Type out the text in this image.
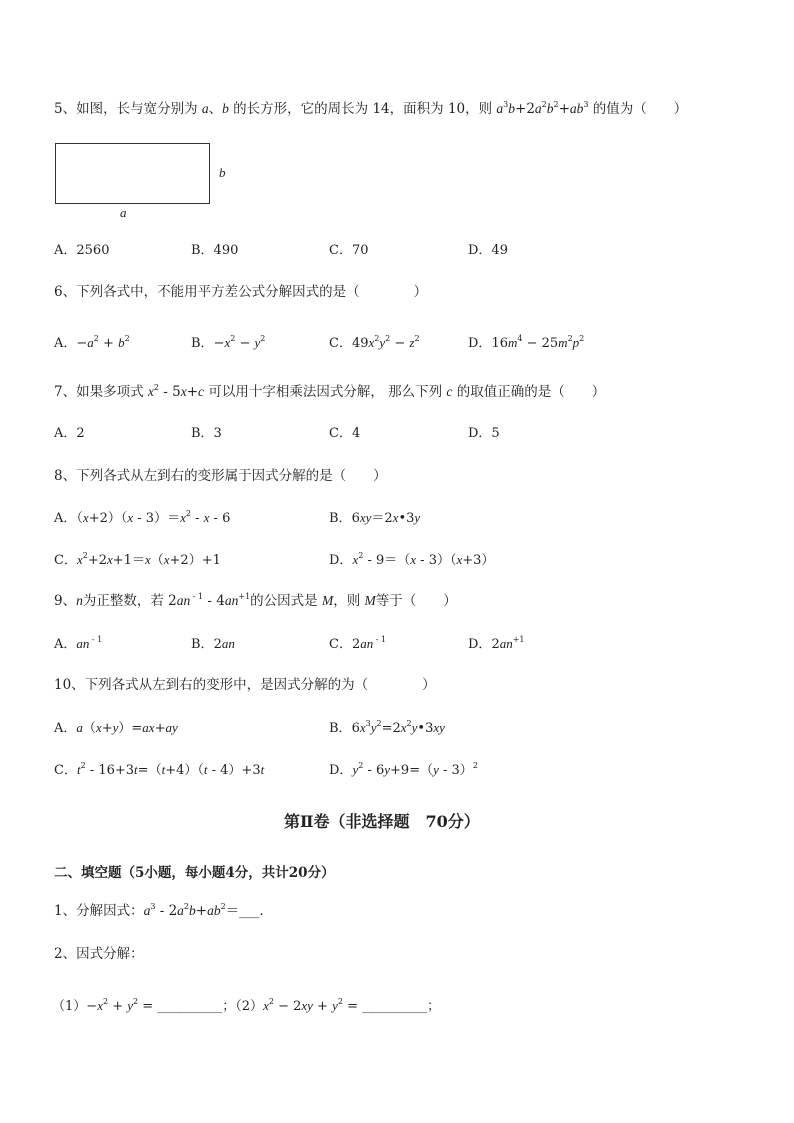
5、如图，长与宽分别为 a、b 的长方形，它的周长为 14，面积为 10，则 $a^3b+2a^2b^2+ab^3$ 的值为（　　）
b
a
A．2560	B．490	C．70	D．49
6、下列各式中，不能用平方差公式分解因式的是（　　　　）
A．$-a^2 + b^2$	B．$-x^2 - y^2$	C．$49x^2y^2 - z^2$	D．$16m^4 - 25m^2p^2$
7、如果多项式 $x^2 - 5x+c$ 可以用十字相乘法因式分解， 那么下列 c 的取值正确的是（　　）
A．2	B．3	C．4	D．5
8、下列各式从左到右的变形属于因式分解的是（　　）
A．$(x+2)(x - 3)=x^2 - x - 6$	B．6xy＝2x•3y
C．$x^2+2x+1=x(x+2)+1$	D．$x^2 - 9=(x - 3)(x+3)$
9、n为正整数，若 2an $^{- 1} - 4an^{+1}$的公因式是 M，则 M等于（　　）
A．an $^{- 1}$	B．2an	C．2an $^{- 1}$	D．$2an^{+1}$
10、下列各式从左到右的变形中，是因式分解的为（　　　　）
A．a（x+y）=ax+ay	B．$6x^3y^2=2x^2y•3xy$
C．$t^2 - 16+3t=(t+4)(t - 4)+3t$	D．$y^2 - 6y+9=(y - 3)^2$
第Ⅱ卷（非选择题　70分）
二、填空题（5小题，每小题4分，共计20分）
1、分解因式：$a^3$ - $2a^2b+ab^2=\_\_\_$．
2、因式分解：
$(1)-x^2 + y^2$ = __________；$(2)x^2 - 2xy + y^2$ = __________；
